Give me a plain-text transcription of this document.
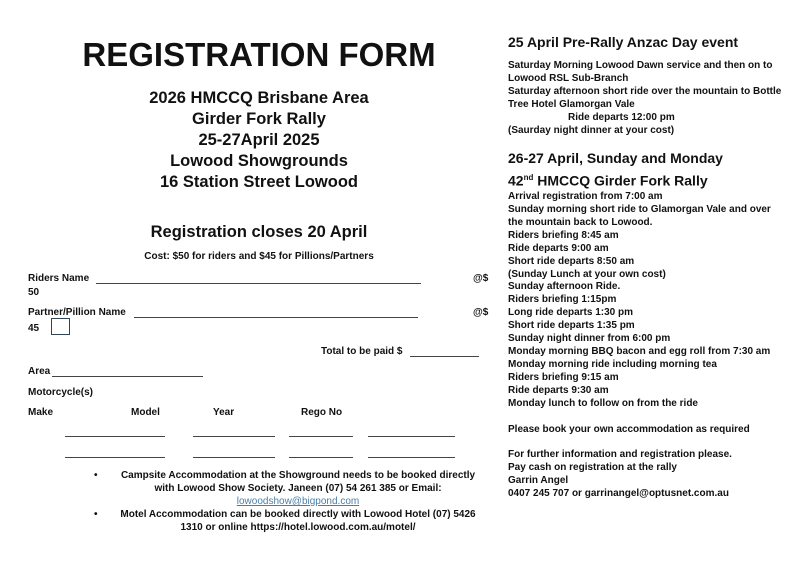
REGISTRATION FORM
2026 HMCCQ Brisbane Area
Girder Fork Rally
25-27April 2025
Lowood Showgrounds
16 Station Street Lowood
Registration closes 20 April
Cost: $50 for riders and $45 for Pillions/Partners
Riders Name	@$
50
Partner/Pillion Name	@$
45
Total to be paid $
Area
Motorcycle(s)
Make	Model	Year	Rego No
• Campsite Accommodation at the Showground needs to be booked directly with Lowood Show Society. Janeen (07) 54 261 385 or Email:
lowoodshow@bigpond.com
• Motel Accommodation can be booked directly with Lowood Hotel (07) 5426 1310 or online https://hotel.lowood.com.au/motel/
25 April Pre-Rally Anzac Day event
Saturday Morning Lowood Dawn service and then on to Lowood RSL Sub-Branch
Saturday afternoon short ride over the mountain to Bottle Tree Hotel Glamorgan Vale
Ride departs 12:00 pm
(Saurday night dinner at your cost)
26-27 April, Sunday and Monday
42nd HMCCQ Girder Fork Rally
Arrival registration from 7:00 am
Sunday morning short ride to Glamorgan Vale and over the mountain back to Lowood.
Riders briefing 8:45 am
Ride departs 9:00 am
Short ride departs 8:50 am
(Sunday Lunch at your own cost)
Sunday afternoon Ride.
Riders briefing 1:15pm
Long ride departs 1:30 pm
Short ride departs 1:35 pm
Sunday night dinner from 6:00 pm
Monday morning BBQ bacon and egg roll from 7:30 am
Monday morning ride including morning tea
Riders briefing 9:15 am
Ride departs 9:30 am
Monday lunch to follow on from the ride
Please book your own accommodation as required
For further information and registration please.
Pay cash on registration at the rally
Garrin Angel
0407 245 707 or garrinangel@optusnet.com.au
